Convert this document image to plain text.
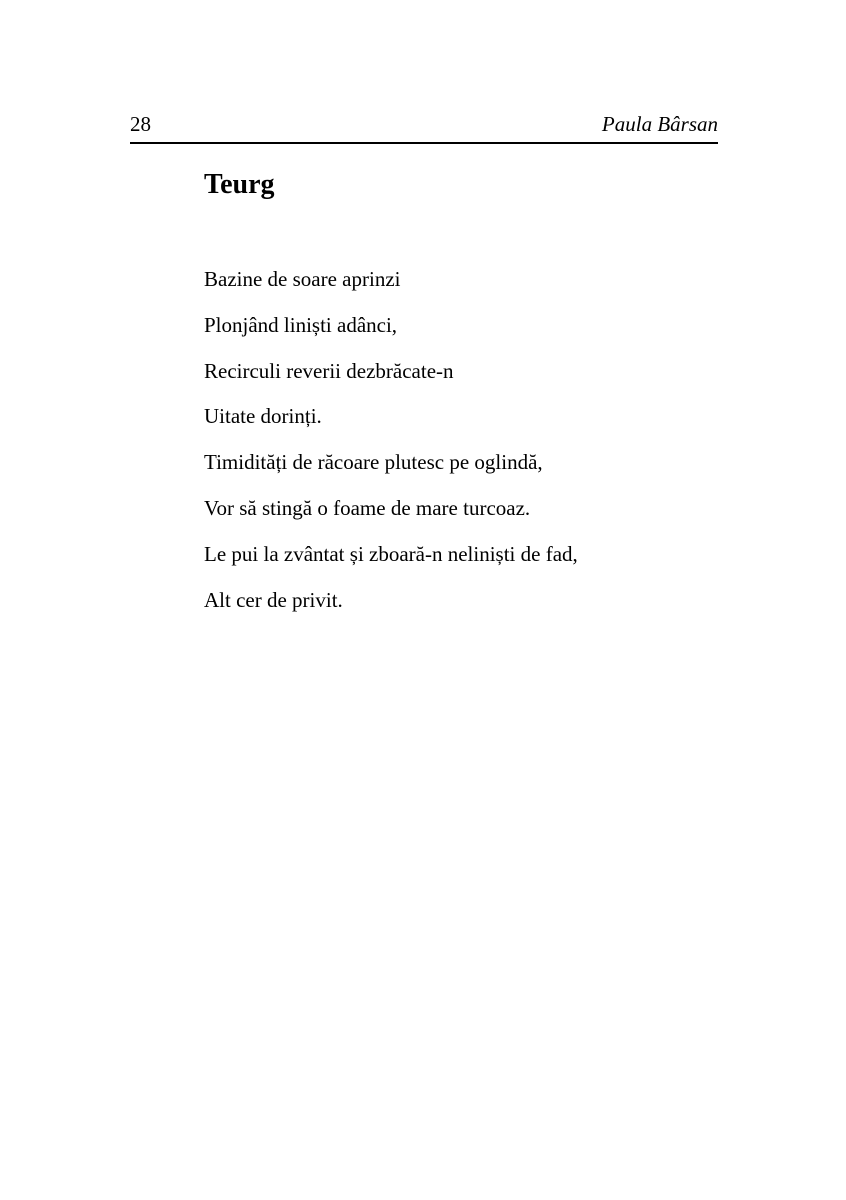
28	Paula Bârsan
Teurg

Bazine de soare aprinzi

Plonjând liniști adânci,

Recirculi reverii dezbrăcate-n

Uitate dorinți.

Timidități de răcoare plutesc pe oglindă,

Vor să stingă o foame de mare turcoaz.

Le pui la zvântat și zboară-n neliniști de fad,

Alt cer de privit.
